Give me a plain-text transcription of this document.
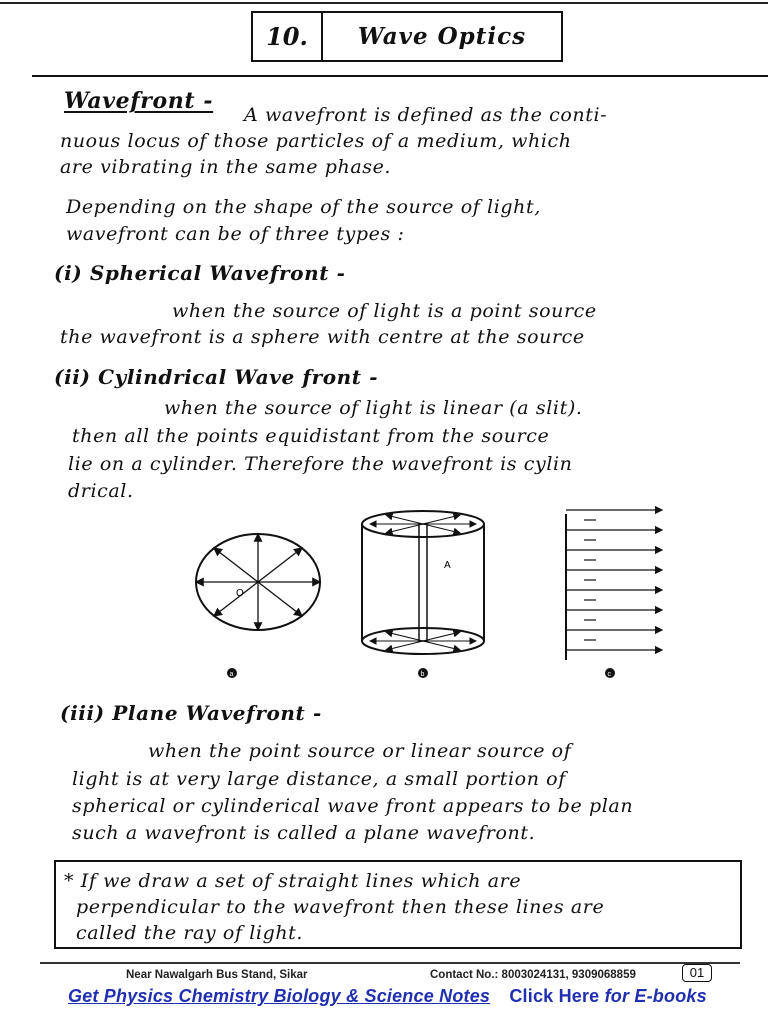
10.	Wave Optics
Wavefront -
A wavefront is defined as the conti-
nuous locus of those particles of a medium, which
are vibrating in the same phase.
Depending on the shape of the source of light,
wavefront can be of three types :
(i) Spherical Wavefront -
when the source of light is a point source
the wavefront is a sphere with centre at the source
(ii) Cylindrical Wave front -
when the source of light is linear (a slit).
then all the points equidistant from the source
lie on a cylinder. Therefore the wavefront is cylin
drical.
O
a
A
b	c
(iii) Plane Wavefront -
when the point source or linear source of
light is at very large distance, a small portion of
spherical or cylinderical wave front appears to be plan
such a wavefront is called a plane wavefront.
* If we draw a set of straight lines which are
perpendicular to the wavefront then these lines are
called the ray of light.
Near Nawalgarh Bus Stand, Sikar	Contact No.: 8003024131, 9309068859	01
Get Physics Chemistry Biology & Science Notes Click Here for E-books
